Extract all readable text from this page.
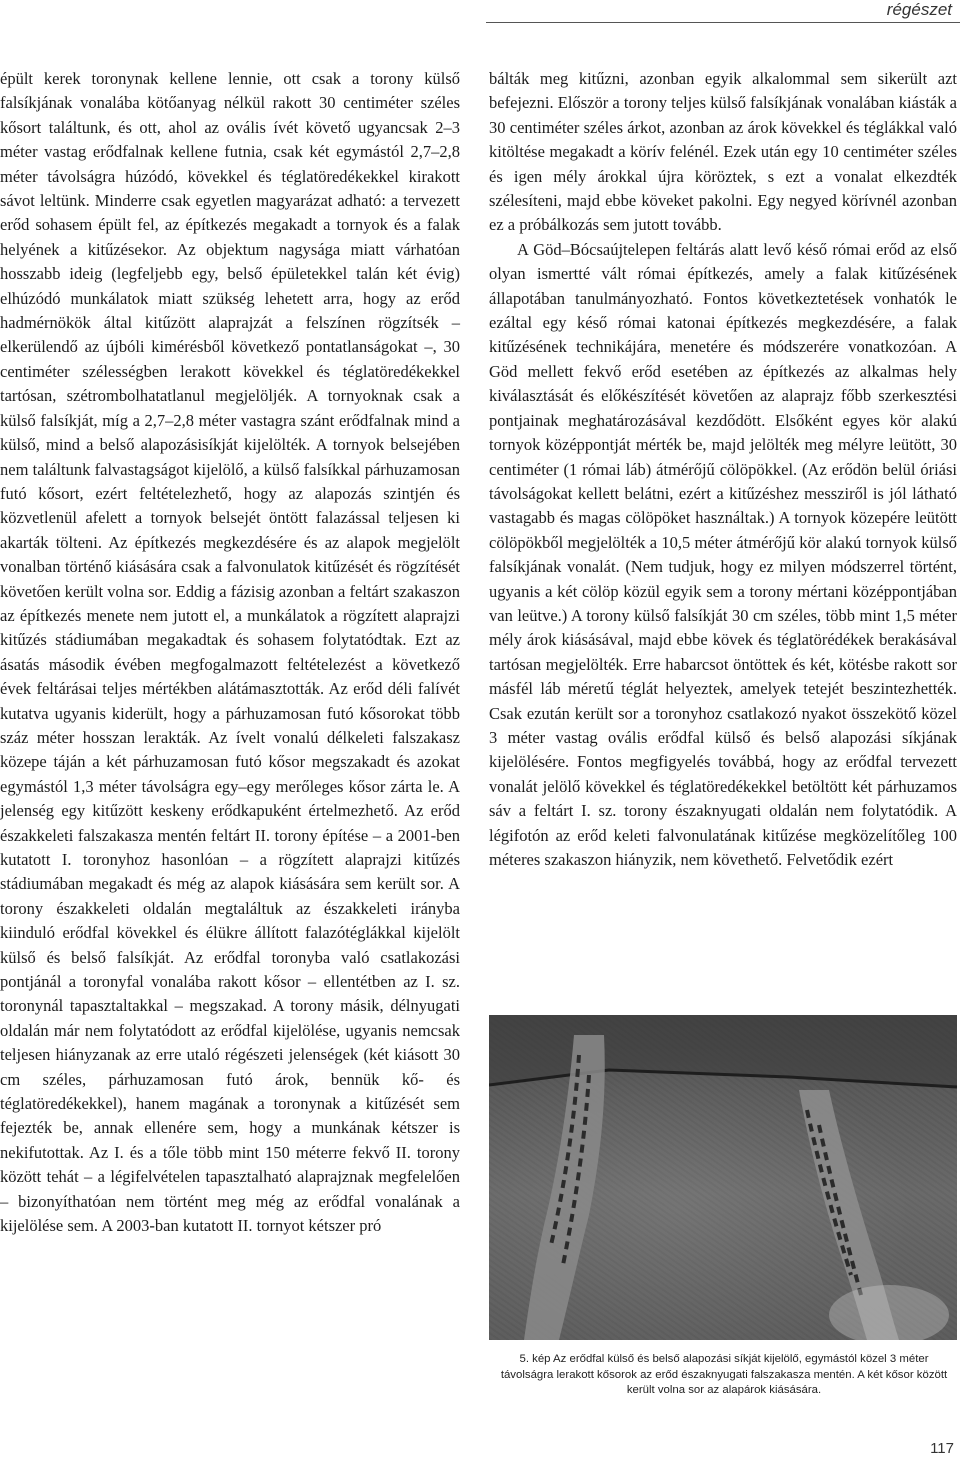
régészet

épült kerek toronynak kellene lennie, ott csak a torony külső falsíkjának vonalába kötőanyag nélkül rakott 30 centiméter széles kősort találtunk, és ott, ahol az ovális ívét követő ugyancsak 2–3 méter vastag erődfalnak kellene futnia, csak két egymástól 2,7–2,8 méter távolságra húzódó, kövekkel és téglatöredékekkel kirakott sávot leltünk. Minderre csak egyetlen magyarázat adható: a tervezett erőd sohasem épült fel, az építkezés megakadt a tornyok és a falak helyének a kitűzésekor. Az objektum nagysága miatt várhatóan hosszabb ideig (legfeljebb egy, belső épületekkel talán két évig) elhúzódó munkálatok miatt szükség lehetett arra, hogy az erőd hadmérnökök által kitűzött alaprajzát a felszínen rögzítsék – elkerülendő az újbóli kimérésből következő pontatlanságokat –, 30 centiméter szélességben lerakott kövekkel és téglatöredékekkel tartósan, szétrombolhatatlanul megjelöljék. A tornyoknak csak a külső falsíkját, míg a 2,7–2,8 méter vastagra szánt erődfalnak mind a külső, mind a belső alapozásisíkját kijelölték. A tornyok belsejében nem találtunk falvastagságot kijelölő, a külső falsíkkal párhuzamosan futó kősort, ezért feltételezhető, hogy az alapozás szintjén és közvetlenül afelett a tornyok belsejét öntött falazással teljesen ki akarták tölteni. Az építkezés megkezdésére és az alapok megjelölt vonalban történő kiásására csak a falvonulatok kitűzését és rögzítését követően került volna sor. Eddig a fázisig azonban a feltárt szakaszon az építkezés menete nem jutott el, a munkálatok a rögzített alaprajzi kitűzés stádiumában megakadtak és sohasem folytatódtak. Ezt az ásatás második évében megfogalmazott feltételezést a következő évek feltárásai teljes mértékben alátámasztották. Az erőd déli falívét kutatva ugyanis kiderült, hogy a párhuzamosan futó kősorokat több száz méter hosszan lerakták. Az ívelt vonalú délkeleti falszakasz közepe táján a két párhuzamosan futó kősor megszakadt és azokat egymástól 1,3 méter távolságra egy–egy merőleges kősor zárta le. A jelenség egy kitűzött keskeny erődkapuként értelmezhető. Az erőd északkeleti falszakasza mentén feltárt II. torony építése – a 2001-ben kutatott I. toronyhoz hasonlóan – a rögzített alaprajzi kitűzés stádiumában megakadt és még az alapok kiásására sem került sor. A torony északkeleti oldalán megtaláltuk az északkeleti irányba kiinduló erődfal kövekkel és élükre állított falazótéglákkal kijelölt külső és belső falsíkját. Az erődfal toronyba való csatlakozási pontjánál a toronyfal vonalába rakott kősor – ellentétben az I. sz. toronynál tapasztaltakkal – megszakad. A torony másik, délnyugati oldalán már nem folytatódott az erődfal kijelölése, ugyanis nemcsak teljesen hiányzanak az erre utaló régészeti jelenségek (két kiásott 30 cm széles, párhuzamosan futó árok, bennük kő- és téglatöredékekkel), hanem magának a toronynak a kitűzését sem fejezték be, annak ellenére sem, hogy a munkának kétszer is nekifutottak. Az I. és a tőle több mint 150 méterre fekvő II. torony között tehát – a légifelvételen tapasztalható alaprajznak megfelelően – bizonyíthatóan nem történt meg még az erődfal vonalának a kijelölése sem. A 2003-ban kutatott II. tornyot kétszer pró

bálták meg kitűzni, azonban egyik alkalommal sem sikerült azt befejezni. Először a torony teljes külső falsíkjának vonalában kiásták a 30 centiméter széles árkot, azonban az árok kövekkel és téglákkal való kitöltése megakadt a körív felénél. Ezek után egy 10 centiméter széles és igen mély árokkal újra köröztek, s ezt a vonalat elkezdték szélesíteni, majd ebbe köveket pakolni. Egy negyed körívnél azonban ez a próbálkozás sem jutott tovább.

A Göd–Bócsaújtelepen feltárás alatt levő késő római erőd az első olyan ismertté vált római építkezés, amely a falak kitűzésének állapotában tanulmányozható. Fontos következtetések vonhatók le ezáltal egy késő római katonai építkezés megkezdésére, a falak kitűzésének technikájára, menetére és módszerére vonatkozóan. A Göd mellett fekvő erőd esetében az építkezés az alkalmas hely kiválasztását és előkészítését követően az alaprajz főbb szerkesztési pontjainak meghatározásával kezdődött. Elsőként egyes kör alakú tornyok középpontját mérték be, majd jelölték meg mélyre leütött, 30 centiméter (1 római láb) átmérőjű cölöpökkel. (Az erődön belül óriási távolságokat kellett belátni, ezért a kitűzéshez messziről is jól látható vastagabb és magas cölöpöket használtak.) A tornyok közepére leütött cölöpökből megjelölték a 10,5 méter átmérőjű kör alakú tornyok külső falsíkjának vonalát. (Nem tudjuk, hogy ez milyen módszerrel történt, ugyanis a két cölöp közül egyik sem a torony mértani középpontjában van leütve.) A torony külső falsíkját 30 cm széles, több mint 1,5 méter mély árok kiásásával, majd ebbe kövek és téglatörédékek berakásával tartósan megjelölték. Erre habarcsot öntöttek és két, kötésbe rakott sor másfél láb méretű téglát helyeztek, amelyek tetejét beszintezhették. Csak ezután került sor a toronyhoz csatlakozó nyakot összekötő közel 3 méter vastag ovális erődfal külső és belső alapozási síkjának kijelölésére. Fontos megfigyelés továbbá, hogy az erődfal tervezett vonalát jelölő kövekkel és téglatöredékekkel betöltött két párhuzamos sáv a feltárt I. sz. torony északnyugati oldalán nem folytatódik. A légifotón az erőd keleti falvonulatának kitűzése megközelítőleg 100 méteres szakaszon hiányzik, nem követhető. Felvetődik ezért

5. kép Az erődfal külső és belső alapozási síkját kijelölő, egymástól közel 3 méter távolságra lerakott kősorok az erőd északnyugati falszakasza mentén. A két kősor között került volna sor az alapárok kiásására.
117
